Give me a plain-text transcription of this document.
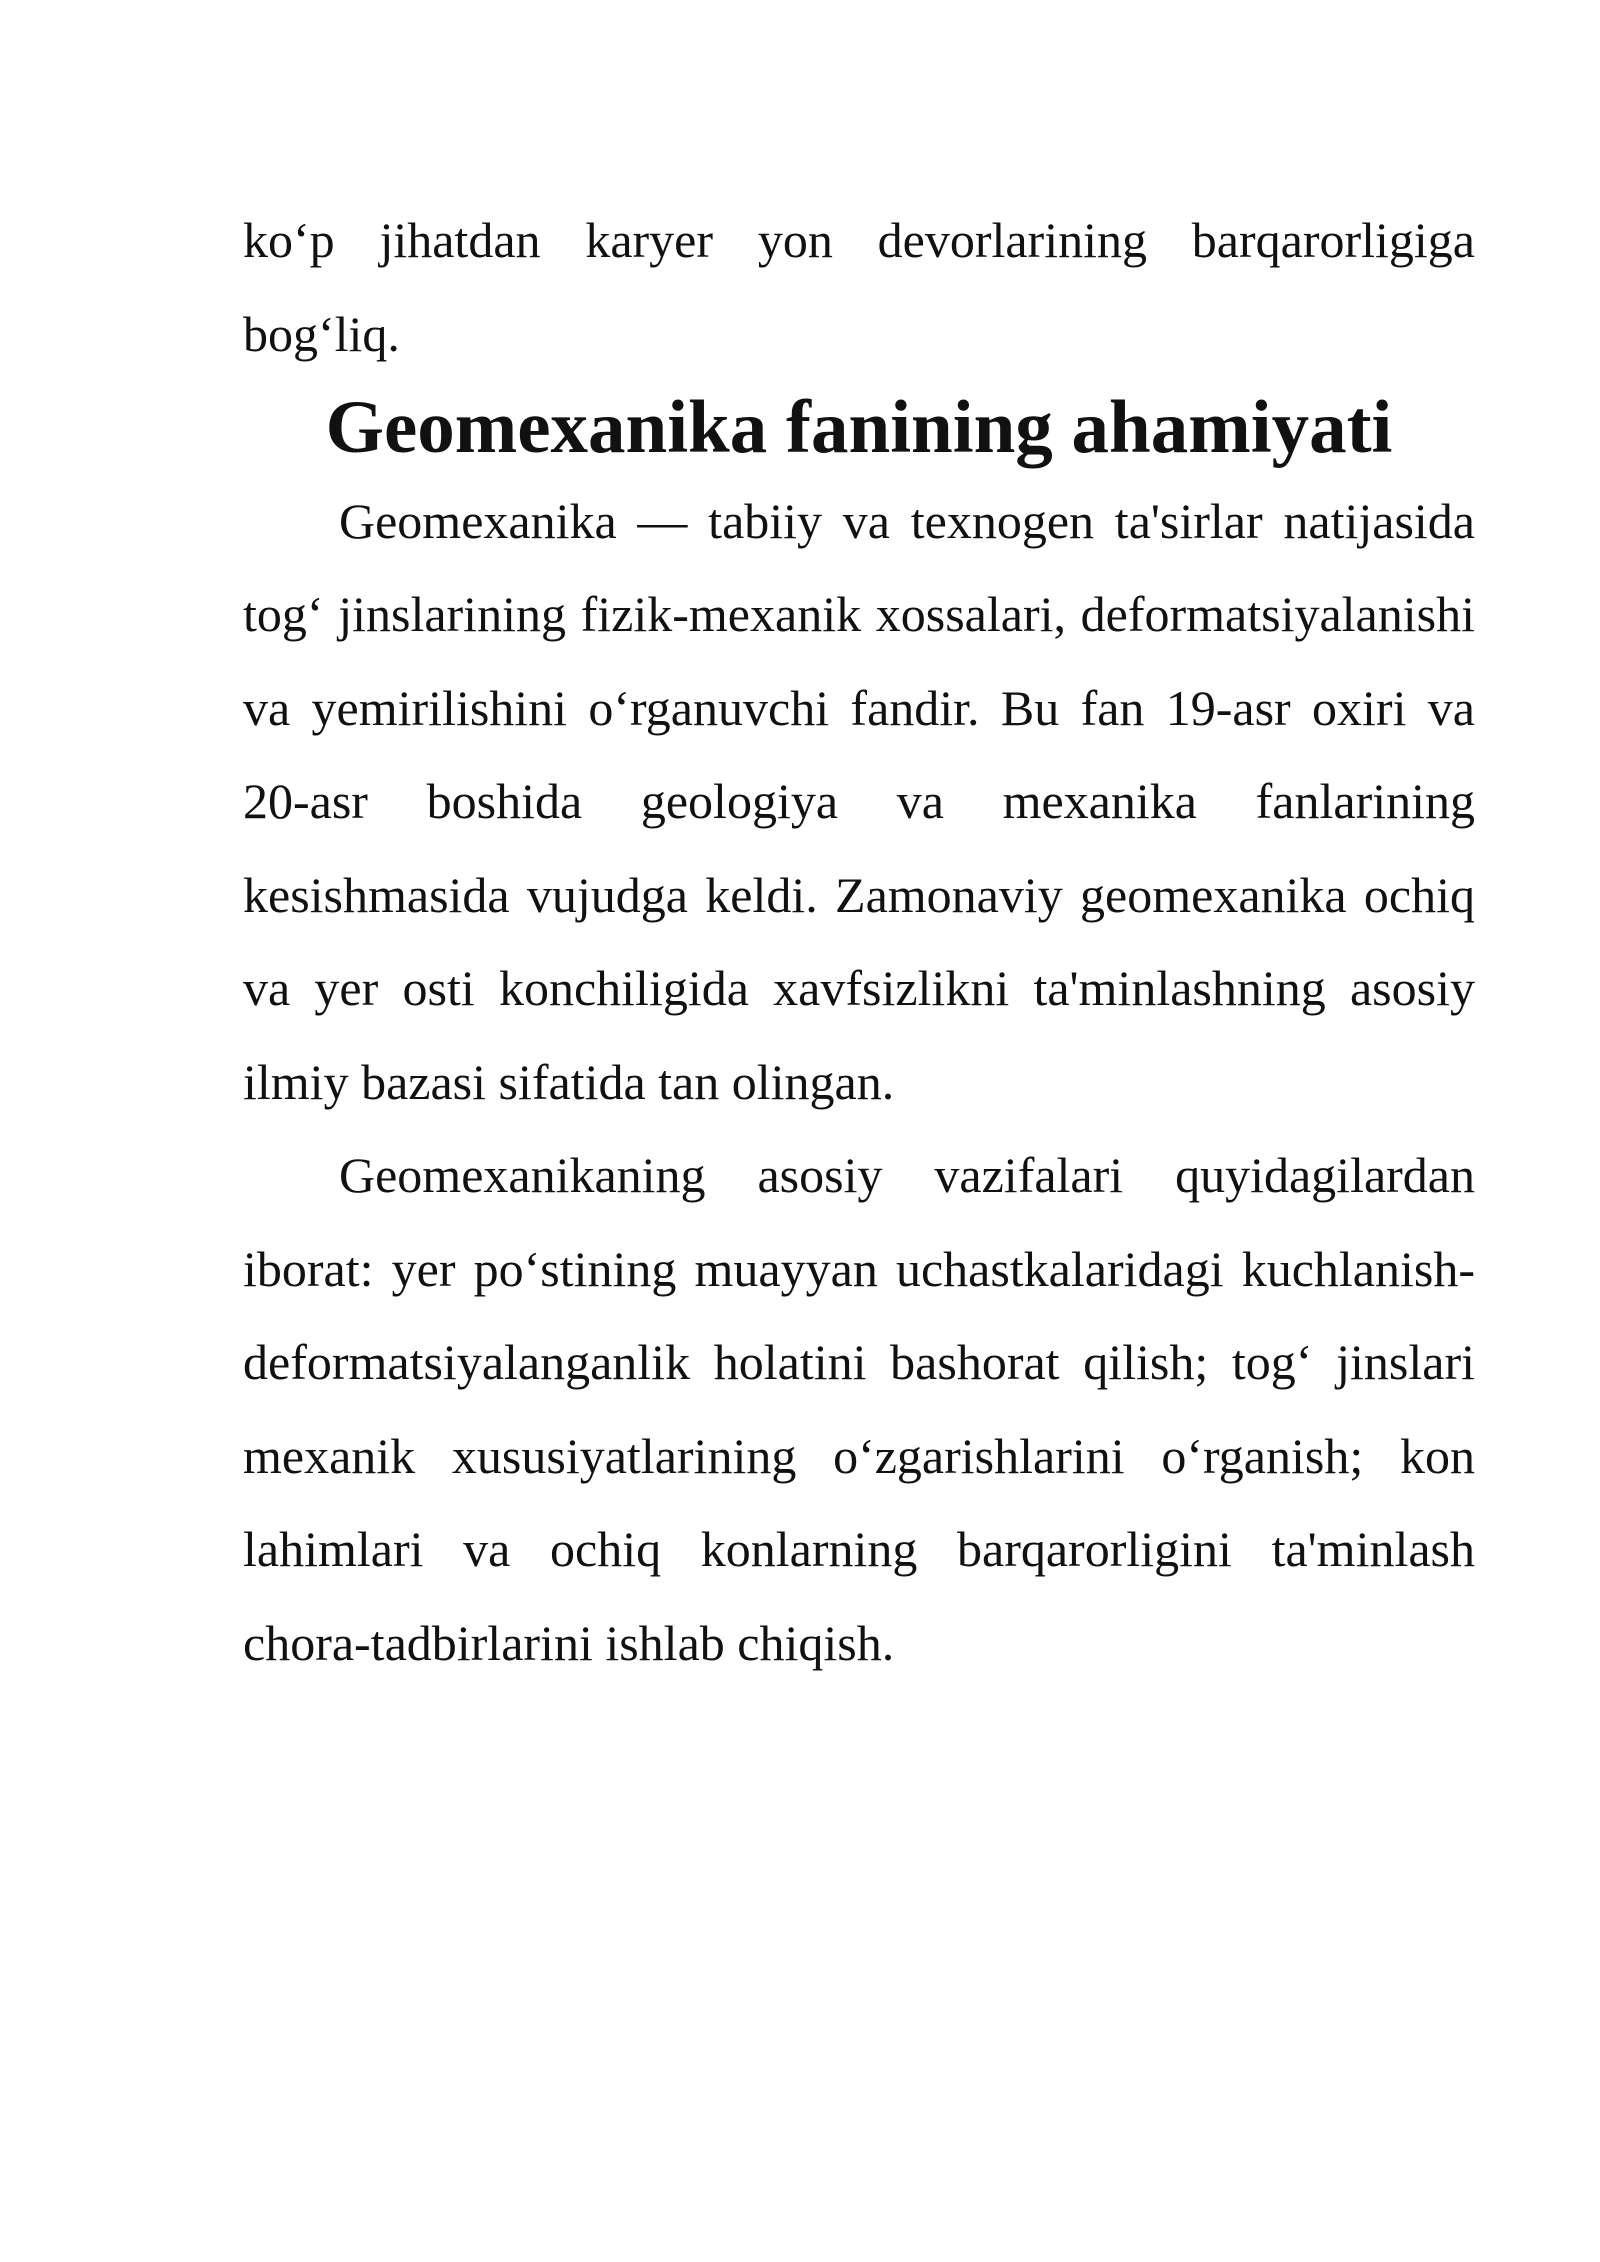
ko‘p jihatdan karyer yon devorlarining barqarorligiga bog‘liq.

Geomexanika fanining ahamiyati

Geomexanika — tabiiy va texnogen ta'sirlar natijasida tog‘ jinslarining fizik-mexanik xossalari, deformatsiyalanishi va yemirilishini o‘rganuvchi fandir. Bu fan 19-asr oxiri va 20-asr boshida geologiya va mexanika fanlarining kesishmasida vujudga keldi. Zamonaviy geomexanika ochiq va yer osti konchiligida xavfsizlikni ta'minlashning asosiy ilmiy bazasi sifatida tan olingan.

Geomexanikaning asosiy vazifalari quyidagilardan iborat: yer po‘stining muayyan uchastkalaridagi kuchlanish-deformatsiyalanganlik holatini bashorat qilish; tog‘ jinslari mexanik xususiyatlarining o‘zgarishlarini o‘rganish; kon lahimlari va ochiq konlarning barqarorligini ta'minlash chora-tadbirlarini ishlab chiqish.
